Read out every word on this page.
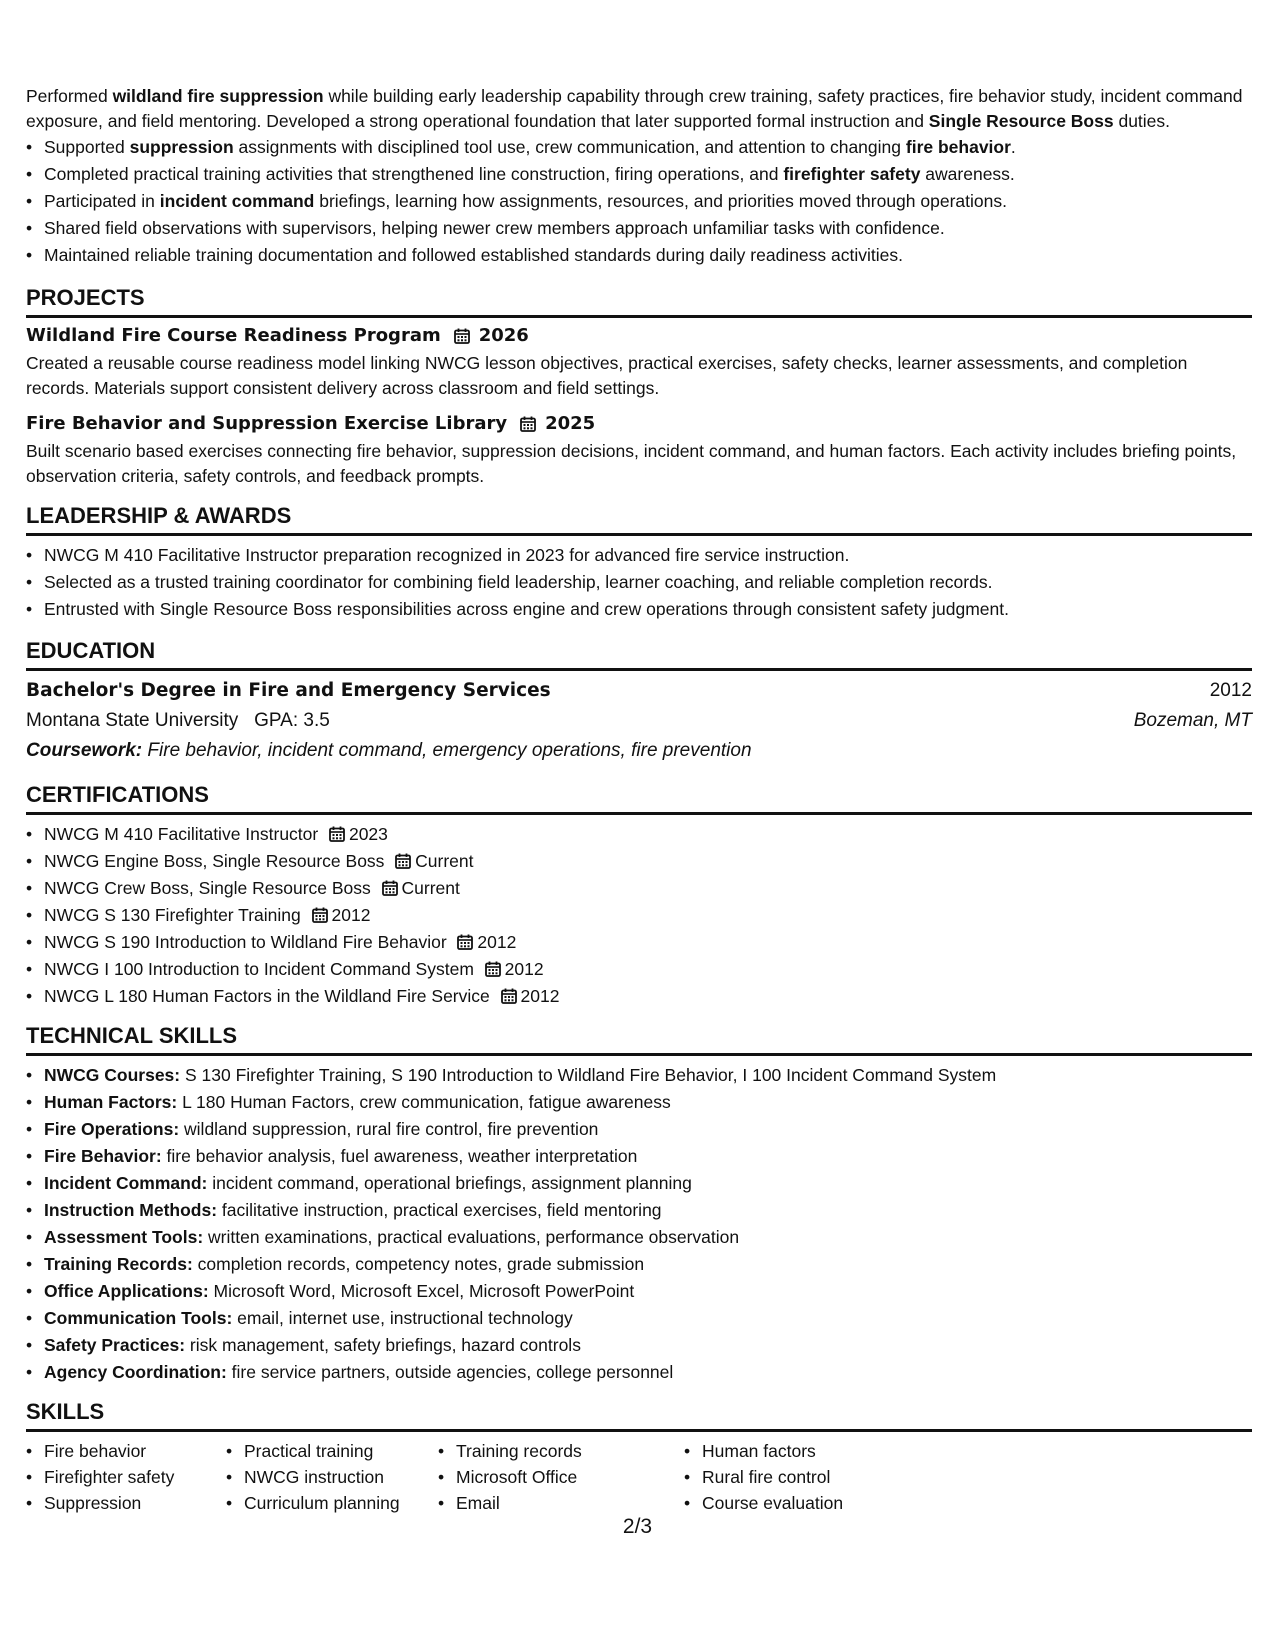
Performed wildland fire suppression while building early leadership capability through crew training, safety practices, fire behavior study, incident command exposure, and field mentoring. Developed a strong operational foundation that later supported formal instruction and Single Resource Boss duties.

• Supported suppression assignments with disciplined tool use, crew communication, and attention to changing fire behavior.
• Completed practical training activities that strengthened line construction, firing operations, and firefighter safety awareness.
• Participated in incident command briefings, learning how assignments, resources, and priorities moved through operations.
• Shared field observations with supervisors, helping newer crew members approach unfamiliar tasks with confidence.
• Maintained reliable training documentation and followed established standards during daily readiness activities.
PROJECTS
Wildland Fire Course Readiness Program 2026

Created a reusable course readiness model linking NWCG lesson objectives, practical exercises, safety checks, learner assessments, and completion records. Materials support consistent delivery across classroom and field settings.

Fire Behavior and Suppression Exercise Library 2025

Built scenario based exercises connecting fire behavior, suppression decisions, incident command, and human factors. Each activity includes briefing points, observation criteria, safety controls, and feedback prompts.

LEADERSHIP & AWARDS
• NWCG M 410 Facilitative Instructor preparation recognized in 2023 for advanced fire service instruction.
• Selected as a trusted training coordinator for combining field leadership, learner coaching, and reliable completion records.
• Entrusted with Single Resource Boss responsibilities across engine and crew operations through consistent safety judgment.
EDUCATION
Bachelor's Degree in Fire and Emergency Services	2012
Montana State University GPA: 3.5	Bozeman, MT
Coursework: Fire behavior, incident command, emergency operations, fire prevention
CERTIFICATIONS
• NWCG M 410 Facilitative Instructor 2023
• NWCG Engine Boss, Single Resource Boss Current
• NWCG Crew Boss, Single Resource Boss Current
• NWCG S 130 Firefighter Training 2012
• NWCG S 190 Introduction to Wildland Fire Behavior 2012
• NWCG I 100 Introduction to Incident Command System 2012
• NWCG L 180 Human Factors in the Wildland Fire Service 2012
TECHNICAL SKILLS
• NWCG Courses: S 130 Firefighter Training, S 190 Introduction to Wildland Fire Behavior, I 100 Incident Command System
• Human Factors: L 180 Human Factors, crew communication, fatigue awareness
• Fire Operations: wildland suppression, rural fire control, fire prevention
• Fire Behavior: fire behavior analysis, fuel awareness, weather interpretation
• Incident Command: incident command, operational briefings, assignment planning
• Instruction Methods: facilitative instruction, practical exercises, field mentoring
• Assessment Tools: written examinations, practical evaluations, performance observation
• Training Records: completion records, competency notes, grade submission
• Office Applications: Microsoft Word, Microsoft Excel, Microsoft PowerPoint
• Communication Tools: email, internet use, instructional technology
• Safety Practices: risk management, safety briefings, hazard controls
• Agency Coordination: fire service partners, outside agencies, college personnel
SKILLS
• Fire behavior
• Firefighter safety
• Suppression
• Practical training
• NWCG instruction
• Curriculum planning
• Training records
• Microsoft Office
• Email
• Human factors
• Rural fire control
• Course evaluation
2/3
